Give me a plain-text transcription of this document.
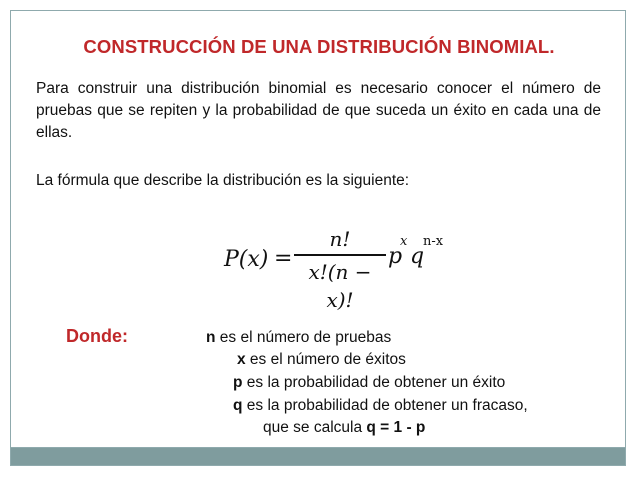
CONSTRUCCIÓN DE UNA DISTRIBUCIÓN BINOMIAL.

Para construir una distribución binomial es necesario conocer el número de pruebas que se repiten y la probabilidad de que suceda un éxito en cada una de ellas.

La fórmula que describe la distribución es la siguiente:

P(x) =
n!
x!(n − x)!
p
x
q
n-x

Donde:	n es el número de pruebas

x es el número de éxitos

p es la probabilidad de obtener un éxito

q es la probabilidad de obtener un fracaso,

que se calcula q = 1 - p
